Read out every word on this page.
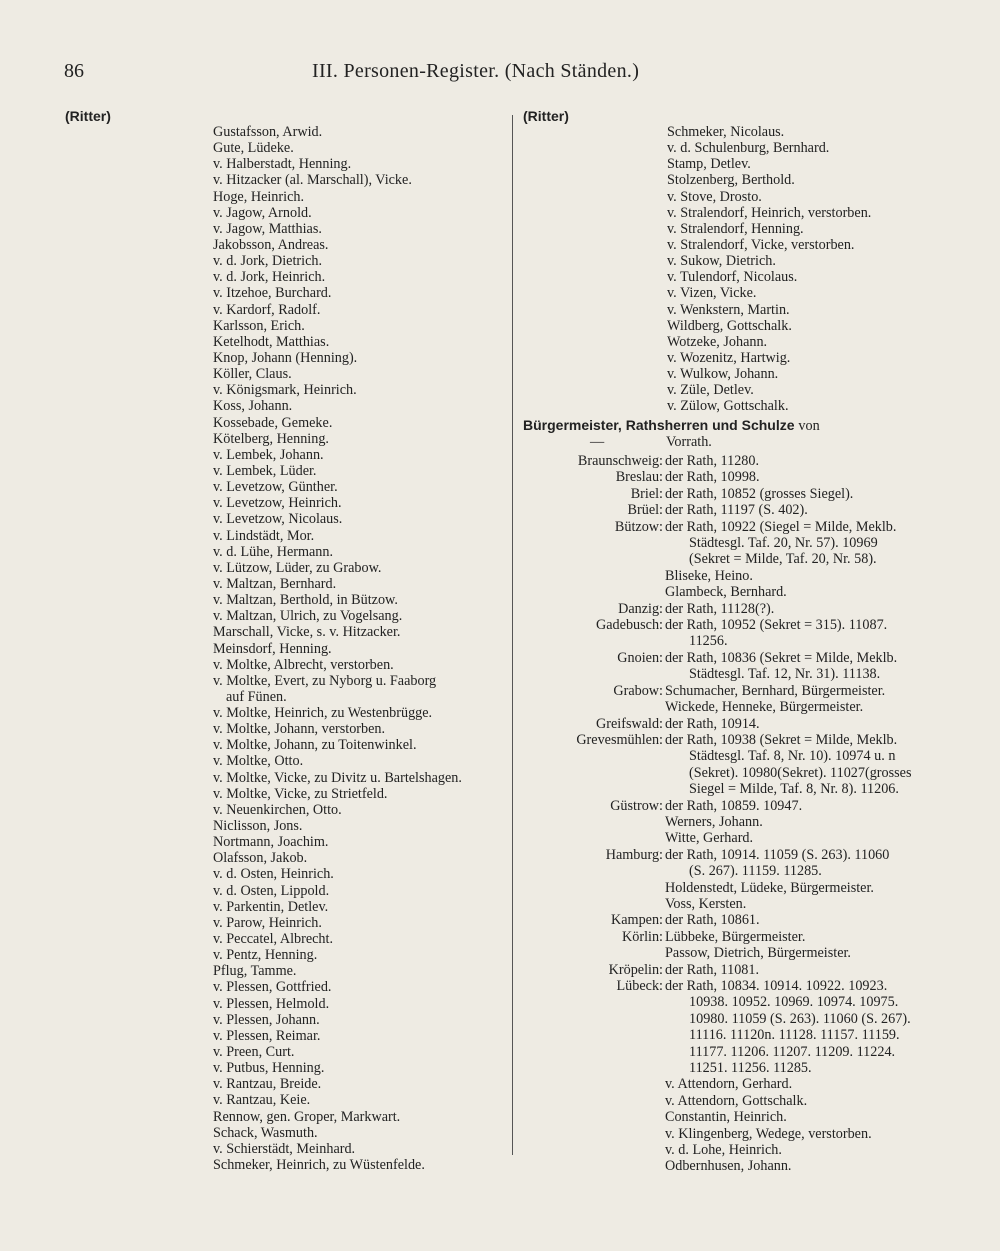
86	III. Personen-Register. (Nach Ständen.)
(Ritter)	(Ritter)
Gustafsson, Arwid.
Gute, Lüdeke.
v. Halberstadt, Henning.
v. Hitzacker (al. Marschall), Vicke.
Hoge, Heinrich.
v. Jagow, Arnold.
v. Jagow, Matthias.
Jakobsson, Andreas.
v. d. Jork, Dietrich.
v. d. Jork, Heinrich.
v. Itzehoe, Burchard.
v. Kardorf, Radolf.
Karlsson, Erich.
Ketelhodt, Matthias.
Knop, Johann (Henning).
Köller, Claus.
v. Königsmark, Heinrich.
Koss, Johann.
Kossebade, Gemeke.
Kötelberg, Henning.
v. Lembek, Johann.
v. Lembek, Lüder.
v. Levetzow, Günther.
v. Levetzow, Heinrich.
v. Levetzow, Nicolaus.
v. Lindstädt, Mor.
v. d. Lühe, Hermann.
v. Lützow, Lüder, zu Grabow.
v. Maltzan, Bernhard.
v. Maltzan, Berthold, in Bützow.
v. Maltzan, Ulrich, zu Vogelsang.
Marschall, Vicke, s. v. Hitzacker.
Meinsdorf, Henning.
v. Moltke, Albrecht, verstorben.
v. Moltke, Evert, zu Nyborg u. Faaborg
auf Fünen.
v. Moltke, Heinrich, zu Westenbrügge.
v. Moltke, Johann, verstorben.
v. Moltke, Johann, zu Toitenwinkel.
v. Moltke, Otto.
v. Moltke, Vicke, zu Divitz u. Bartelshagen.
v. Moltke, Vicke, zu Strietfeld.
v. Neuenkirchen, Otto.
Niclisson, Jons.
Nortmann, Joachim.
Olafsson, Jakob.
v. d. Osten, Heinrich.
v. d. Osten, Lippold.
v. Parkentin, Detlev.
v. Parow, Heinrich.
v. Peccatel, Albrecht.
v. Pentz, Henning.
Pflug, Tamme.
v. Plessen, Gottfried.
v. Plessen, Helmold.
v. Plessen, Johann.
v. Plessen, Reimar.
v. Preen, Curt.
v. Putbus, Henning.
v. Rantzau, Breide.
v. Rantzau, Keie.
Rennow, gen. Groper, Markwart.
Schack, Wasmuth.
v. Schierstädt, Meinhard.
Schmeker, Heinrich, zu Wüstenfelde.
Schmeker, Nicolaus.
v. d. Schulenburg, Bernhard.
Stamp, Detlev.
Stolzenberg, Berthold.
v. Stove, Drosto.
v. Stralendorf, Heinrich, verstorben.
v. Stralendorf, Henning.
v. Stralendorf, Vicke, verstorben.
v. Sukow, Dietrich.
v. Tulendorf, Nicolaus.
v. Vizen, Vicke.
v. Wenkstern, Martin.
Wildberg, Gottschalk.
Wotzeke, Johann.
v. Wozenitz, Hartwig.
v. Wulkow, Johann.
v. Züle, Detlev.
v. Zülow, Gottschalk.
Bürgermeister, Rathsherren und Schulze von
—	Vorrath.
Braunschweig: der Rath, 11280.
Breslau: der Rath, 10998.
Briel: der Rath, 10852 (grosses Siegel).
Brüel: der Rath, 11197 (S. 402).
Bützow: der Rath, 10922 (Siegel = Milde, Meklb.
Städtesgl. Taf. 20, Nr. 57). 10969
(Sekret = Milde, Taf. 20, Nr. 58).
Bliseke, Heino.
Glambeck, Bernhard.
Danzig: der Rath, 11128(?).
Gadebusch: der Rath, 10952 (Sekret = 315). 11087.
11256.
Gnoien: der Rath, 10836 (Sekret = Milde, Meklb.
Städtesgl. Taf. 12, Nr. 31). 11138.
Grabow: Schumacher, Bernhard, Bürgermeister.
Wickede, Henneke, Bürgermeister.
Greifswald: der Rath, 10914.
Grevesmühlen: der Rath, 10938 (Sekret = Milde, Meklb.
Städtesgl. Taf. 8, Nr. 10). 10974 u. n
(Sekret). 10980(Sekret). 11027(grosses
Siegel = Milde, Taf. 8, Nr. 8). 11206.
Güstrow: der Rath, 10859. 10947.
Werners, Johann.
Witte, Gerhard.
Hamburg: der Rath, 10914. 11059 (S. 263). 11060
(S. 267). 11159. 11285.
Holdenstedt, Lüdeke, Bürgermeister.
Voss, Kersten.
Kampen: der Rath, 10861.
Körlin: Lübbeke, Bürgermeister.
Passow, Dietrich, Bürgermeister.
Kröpelin: der Rath, 11081.
Lübeck: der Rath, 10834. 10914. 10922. 10923.
10938. 10952. 10969. 10974. 10975.
10980. 11059 (S. 263). 11060 (S. 267).
11116. 11120n. 11128. 11157. 11159.
11177. 11206. 11207. 11209. 11224.
11251. 11256. 11285.
v. Attendorn, Gerhard.
v. Attendorn, Gottschalk.
Constantin, Heinrich.
v. Klingenberg, Wedege, verstorben.
v. d. Lohe, Heinrich.
Odbernhusen, Johann.
